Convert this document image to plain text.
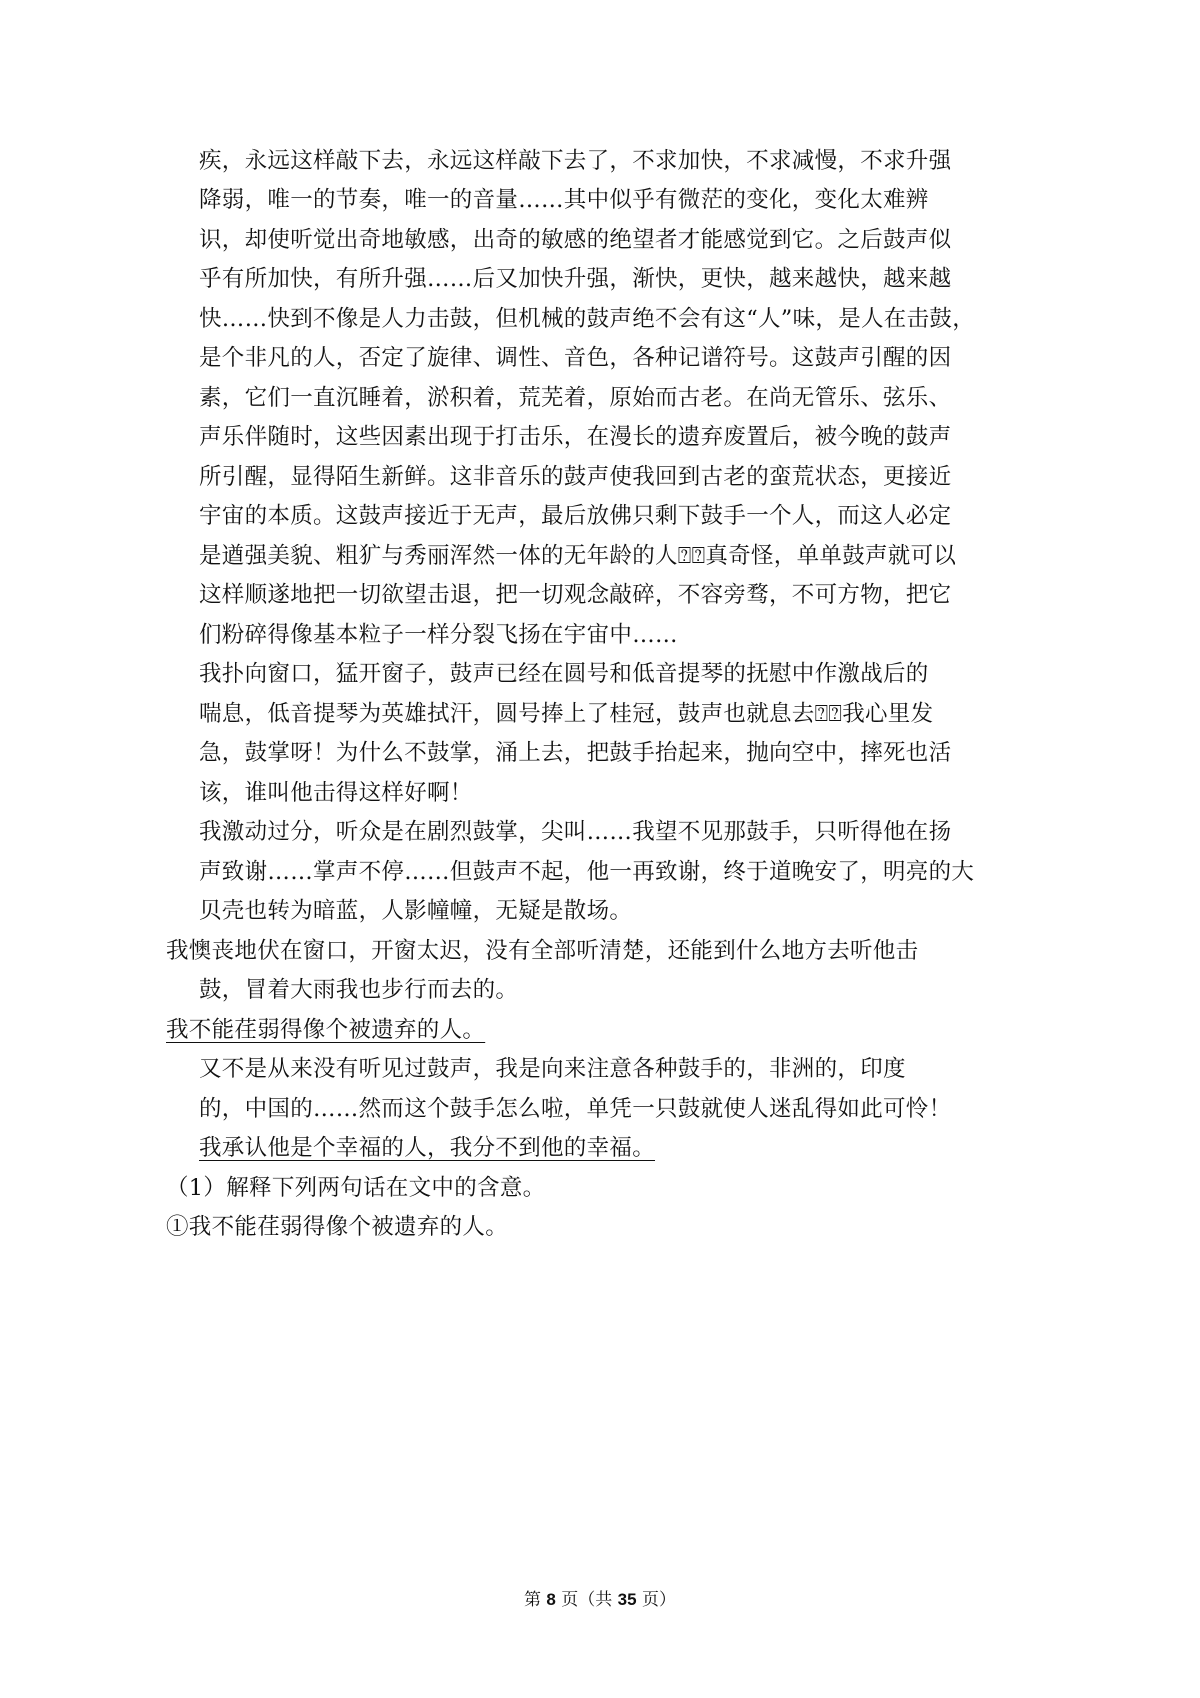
疾，永远这样敲下去，永远这样敲下去了，不求加快，不求减慢，不求升强
降弱，唯一的节奏，唯一的音量……其中似乎有微茫的变化，变化太难辨
识，却使听觉出奇地敏感，出奇的敏感的绝望者才能感觉到它。之后鼓声似
乎有所加快，有所升强……后又加快升强，渐快，更快，越来越快，越来越
快……快到不像是人力击鼓，但机械的鼓声绝不会有这“人”味，是人在击鼓，
是个非凡的人，否定了旋律、调性、音色，各种记谱符号。这鼓声引醒的因
素，它们一直沉睡着，淤积着，荒芜着，原始而古老。在尚无管乐、弦乐、
声乐伴随时，这些因素出现于打击乐，在漫长的遗弃废置后，被今晚的鼓声
所引醒，显得陌生新鲜。这非音乐的鼓声使我回到古老的蛮荒状态，更接近
宇宙的本质。这鼓声接近于无声，最后放佛只剩下鼓手一个人，而这人必定
是遒强美貌、粗犷与秀丽浑然一体的无年龄的人⍰⍰真奇怪，单单鼓声就可以
这样顺遂地把一切欲望击退，把一切观念敲碎，不容旁骛，不可方物，把它
们粉碎得像基本粒子一样分裂飞扬在宇宙中……
我扑向窗口，猛开窗子，鼓声已经在圆号和低音提琴的抚慰中作激战后的
喘息，低音提琴为英雄拭汗，圆号捧上了桂冠，鼓声也就息去⍰⍰我心里发
急，鼓掌呀！为什么不鼓掌，涌上去，把鼓手抬起来，抛向空中，摔死也活
该，谁叫他击得这样好啊！
我激动过分，听众是在剧烈鼓掌，尖叫……我望不见那鼓手，只听得他在扬
声致谢……掌声不停……但鼓声不起，他一再致谢，终于道晚安了，明亮的大
贝壳也转为暗蓝，人影幢幢，无疑是散场。
我懊丧地伏在窗口，开窗太迟，没有全部听清楚，还能到什么地方去听他击
鼓，冒着大雨我也步行而去的。
我不能荏弱得像个被遗弃的人。
又不是从来没有听见过鼓声，我是向来注意各种鼓手的，非洲的，印度
的，中国的……然而这个鼓手怎么啦，单凭一只鼓就使人迷乱得如此可怜！
我承认他是个幸福的人，我分不到他的幸福。
（1）解释下列两句话在文中的含意。
①我不能荏弱得像个被遗弃的人。
第 8 页（共 35 页）
